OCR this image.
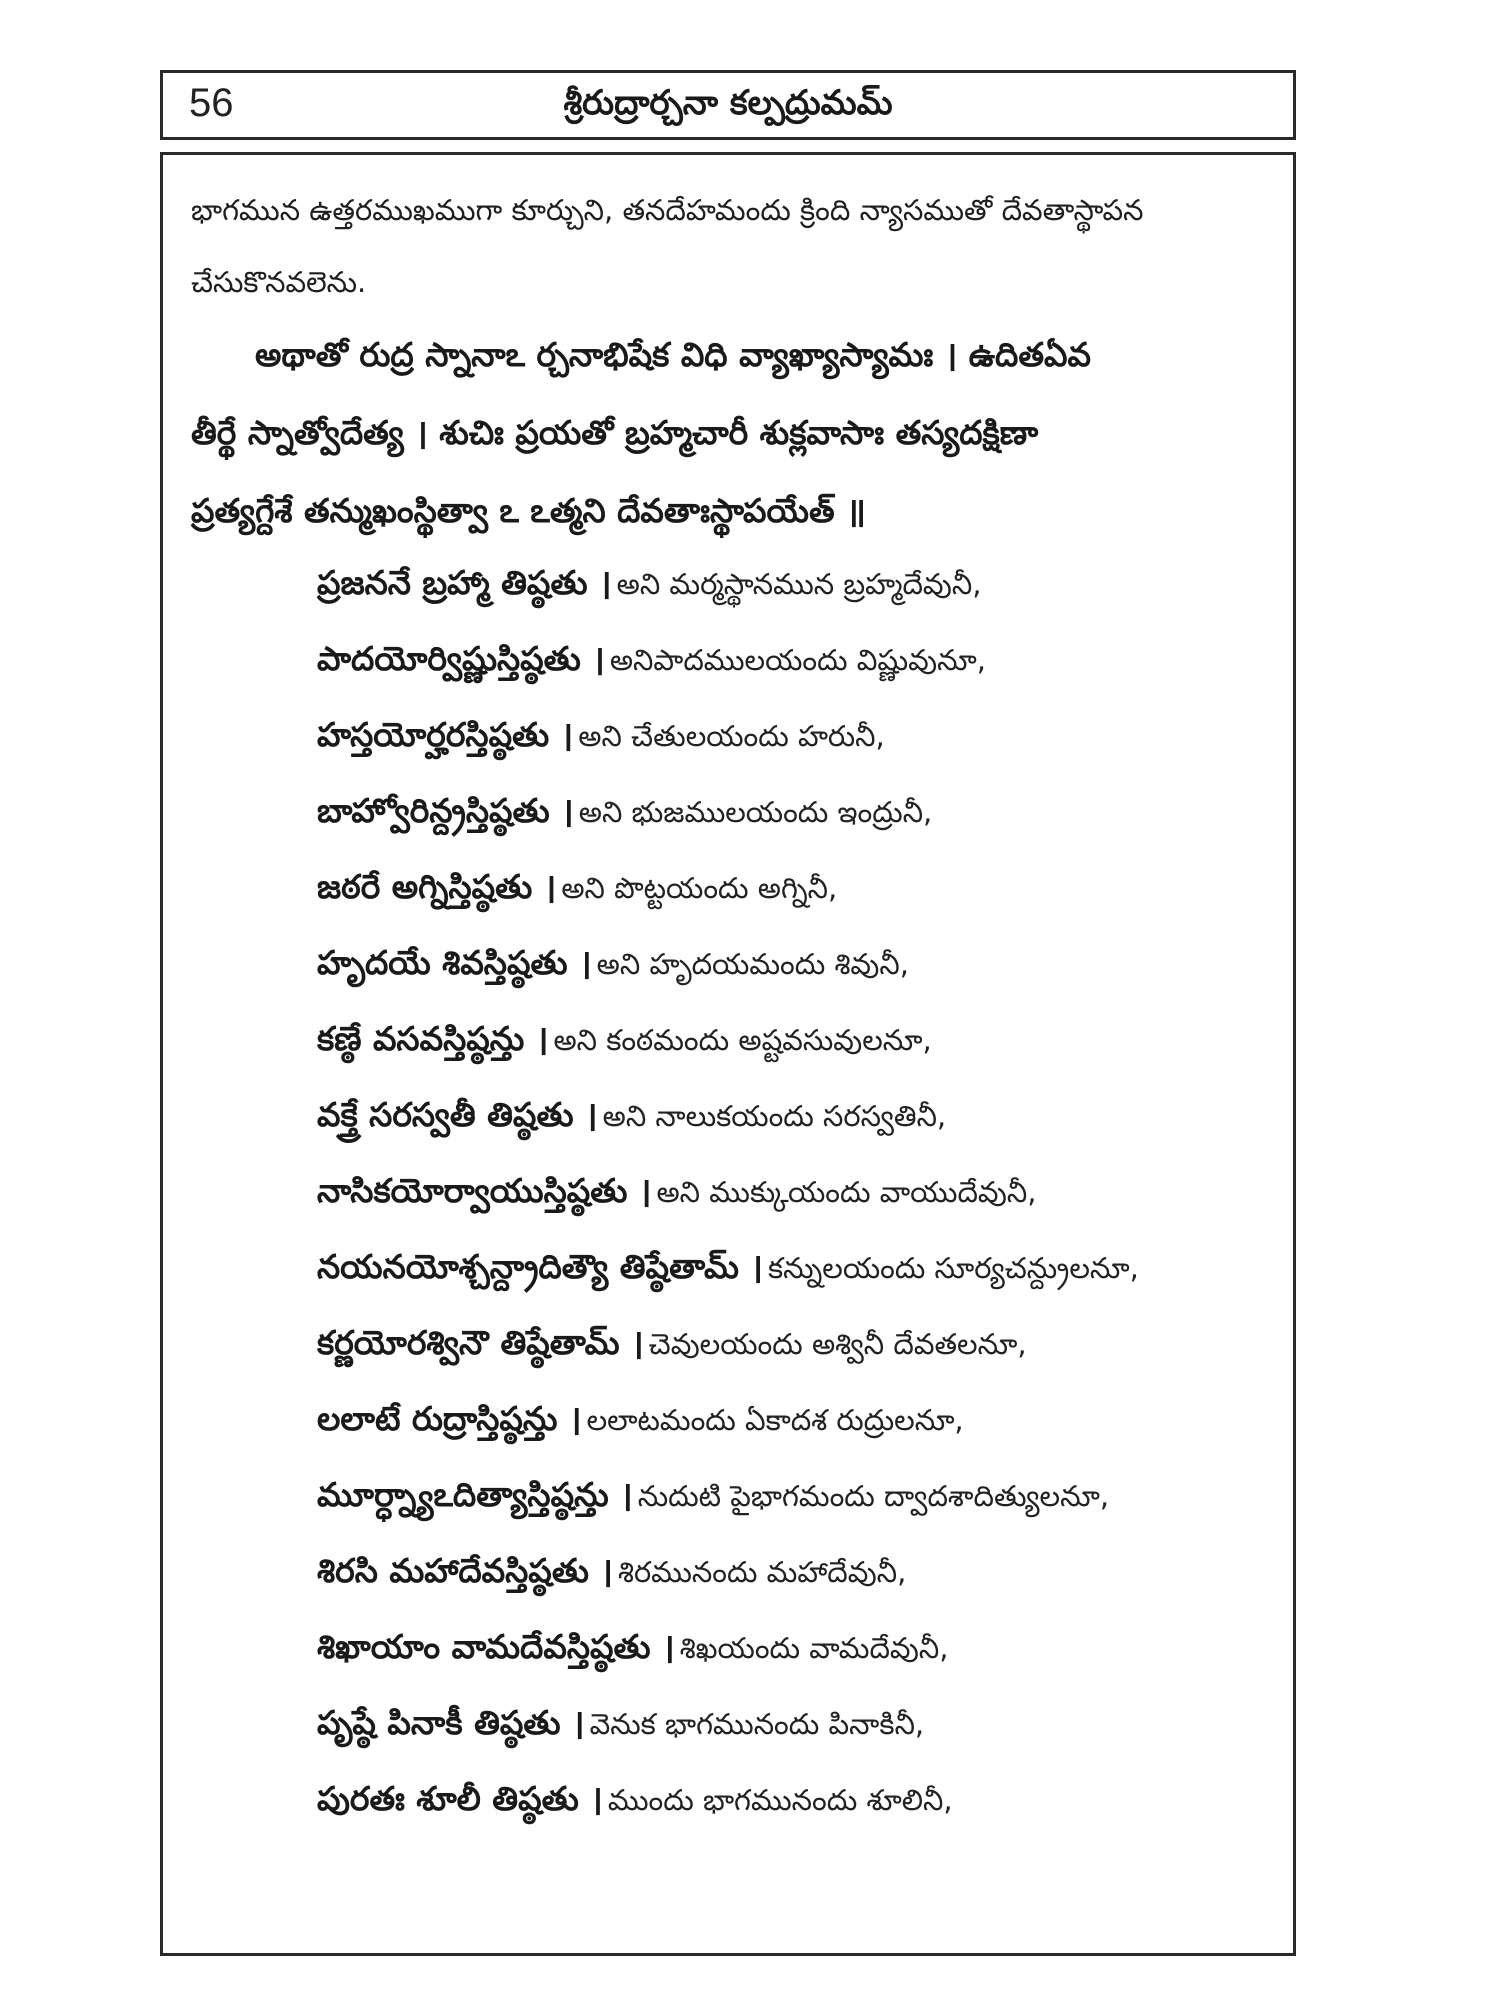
56	శ్రీరుద్రార్చనా కల్పద్రుమమ్
భాగమున ఉత్తరముఖముగా కూర్చుని, తనదేహమందు క్రింది న్యాసముతో దేవతాస్థాపన
చేసుకొనవలెను.
అథాతో రుద్ర స్నానాఽ ర్చనాభిషేక విధి వ్యాఖ్యాస్యామః । ఉదితఏవ
తీర్థే స్నాత్వోదేత్య । శుచిః ప్రయతో బ్రహ్మచారీ శుక్లవాసాః తస్యదక్షిణా
ప్రత్యగ్దేశే తన్ముఖంస్థిత్వా ఽ ఽత్మని దేవతాఃస్థాపయేత్ ॥
ప్రజననే బ్రహ్మా తిష్ఠతు । అని మర్మస్థానమున బ్రహ్మదేవునీ,
పాదయోర్విష్ణుస్తిష్ఠతు । అనిపాదములయందు విష్ణువునూ,
హస్తయోర్హరస్తిష్ఠతు । అని చేతులయందు హరునీ,
బాహ్వోరిన్ద్రస్తిష్ఠతు । అని భుజములయందు ఇంద్రునీ,
జఠరే అగ్నిస్తిష్ఠతు । అని పొట్టయందు అగ్నినీ,
హృదయే శివస్తిష్ఠతు । అని హృదయమందు శివునీ,
కణ్ఠే వసవస్తిష్ఠన్తు । అని కంఠమందు అష్టవసువులనూ,
వక్త్రే సరస్వతీ తిష్ఠతు । అని నాలుకయందు సరస్వతినీ,
నాసికయోర్వాయుస్తిష్ఠతు । అని ముక్కుయందు వాయుదేవునీ,
నయనయోశ్చన్ద్రాదిత్యౌ తిష్ఠేతామ్ । కన్నులయందు సూర్యచన్ద్రులనూ,
కర్ణయోరశ్వినౌ తిష్ఠేతామ్ । చెవులయందు అశ్వినీ దేవతలనూ,
లలాటే రుద్రాస్తిష్ఠన్తు । లలాటమందు ఏకాదశ రుద్రులనూ,
మూర్ధ్న్యాఽదిత్యాస్తిష్ఠన్తు । నుదుటి పైభాగమందు ద్వాదశాదిత్యులనూ,
శిరసి మహాదేవస్తిష్ఠతు । శిరమునందు మహాదేవునీ,
శిఖాయాం వామదేవస్తిష్ఠతు । శిఖయందు వామదేవునీ,
పృష్ఠే పినాకీ తిష్ఠతు । వెనుక భాగమునందు పినాకినీ,
పురతః శూలీ తిష్ఠతు । ముందు భాగమునందు శూలినీ,
